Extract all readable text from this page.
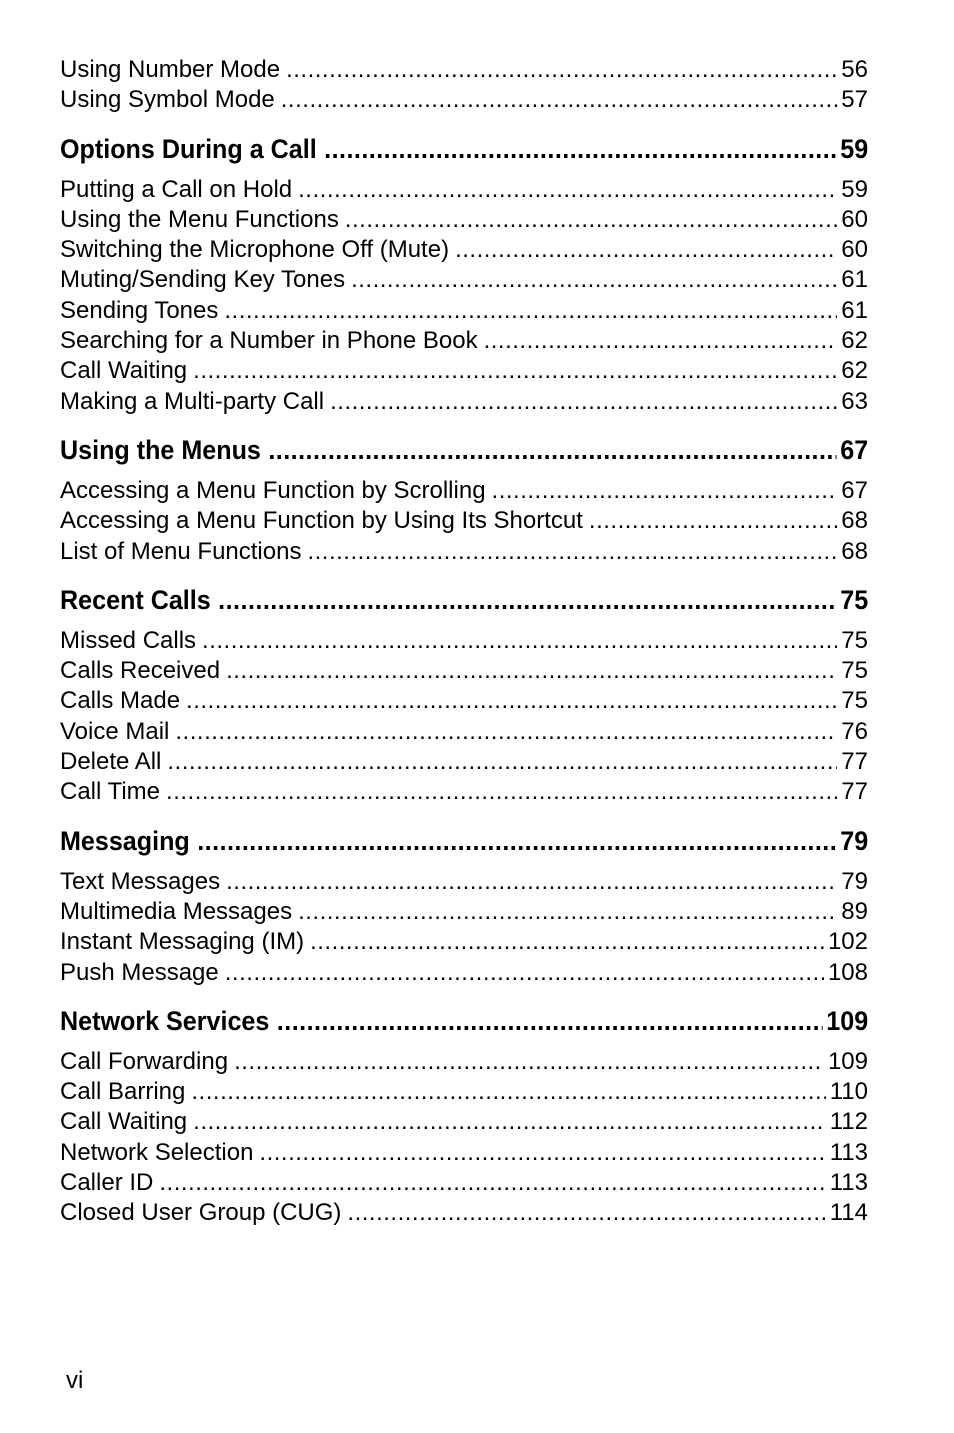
Using Number Mode .....	56
Using Symbol Mode .....	57
Options During a Call .....	59
Putting a Call on Hold .....	59
Using the Menu Functions .....	60
Switching the Microphone Off (Mute) .....	60
Muting/Sending Key Tones .....	61
Sending Tones .....	61
Searching for a Number in Phone Book .....	62
Call Waiting .....	62
Making a Multi-party Call .....	63
Using the Menus .....	67
Accessing a Menu Function by Scrolling .....	67
Accessing a Menu Function by Using Its Shortcut .....	68
List of Menu Functions .....	68
Recent Calls .....	75
Missed Calls .....	75
Calls Received .....	75
Calls Made .....	75
Voice Mail .....	76
Delete All .....	77
Call Time .....	77
Messaging .....	79
Text Messages .....	79
Multimedia Messages .....	89
Instant Messaging (IM) .....	102
Push Message .....	108
Network Services .....	109
Call Forwarding .....	109
Call Barring .....	110
Call Waiting .....	112
Network Selection .....	113
Caller ID .....	113
Closed User Group (CUG) .....	114
vi
